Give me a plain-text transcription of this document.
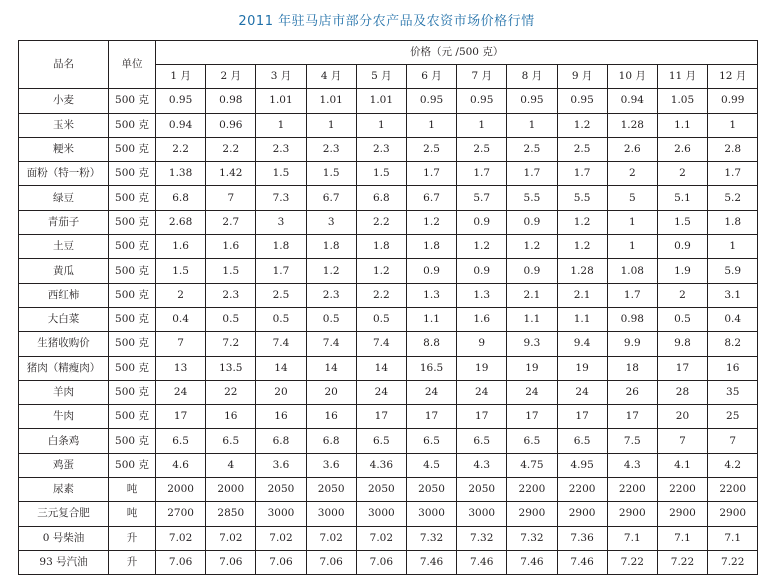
2011 年驻马店市部分农产品及农资市场价格行情
品名	单位	价格（元 /500 克）											
		1 月	2 月	3 月	4 月	5 月	6 月	7 月	8 月	9 月	10 月	11 月	12 月
小麦	500 克	0.95	0.98	1.01	1.01	1.01	0.95	0.95	0.95	0.95	0.94	1.05	0.99
玉米	500 克	0.94	0.96	1	1	1	1	1	1	1.2	1.28	1.1	1
粳米	500 克	2.2	2.2	2.3	2.3	2.3	2.5	2.5	2.5	2.5	2.6	2.6	2.8
面粉（特一粉）	500 克	1.38	1.42	1.5	1.5	1.5	1.7	1.7	1.7	1.7	2	2	1.7
绿豆	500 克	6.8	7	7.3	6.7	6.8	6.7	5.7	5.5	5.5	5	5.1	5.2
青茄子	500 克	2.68	2.7	3	3	2.2	1.2	0.9	0.9	1.2	1	1.5	1.8
土豆	500 克	1.6	1.6	1.8	1.8	1.8	1.8	1.2	1.2	1.2	1	0.9	1
黄瓜	500 克	1.5	1.5	1.7	1.2	1.2	0.9	0.9	0.9	1.28	1.08	1.9	5.9
西红柿	500 克	2	2.3	2.5	2.3	2.2	1.3	1.3	2.1	2.1	1.7	2	3.1
大白菜	500 克	0.4	0.5	0.5	0.5	0.5	1.1	1.6	1.1	1.1	0.98	0.5	0.4
生猪收购价	500 克	7	7.2	7.4	7.4	7.4	8.8	9	9.3	9.4	9.9	9.8	8.2
猪肉（精瘦肉）	500 克	13	13.5	14	14	14	16.5	19	19	19	18	17	16
羊肉	500 克	24	22	20	20	24	24	24	24	24	26	28	35
牛肉	500 克	17	16	16	16	17	17	17	17	17	17	20	25
白条鸡	500 克	6.5	6.5	6.8	6.8	6.5	6.5	6.5	6.5	6.5	7.5	7	7
鸡蛋	500 克	4.6	4	3.6	3.6	4.36	4.5	4.3	4.75	4.95	4.3	4.1	4.2
尿素	吨	2000	2000	2050	2050	2050	2050	2050	2200	2200	2200	2200	2200
三元复合肥	吨	2700	2850	3000	3000	3000	3000	3000	2900	2900	2900	2900	2900
0 号柴油	升	7.02	7.02	7.02	7.02	7.02	7.32	7.32	7.32	7.36	7.1	7.1	7.1
93 号汽油	升	7.06	7.06	7.06	7.06	7.06	7.46	7.46	7.46	7.46	7.22	7.22	7.22
